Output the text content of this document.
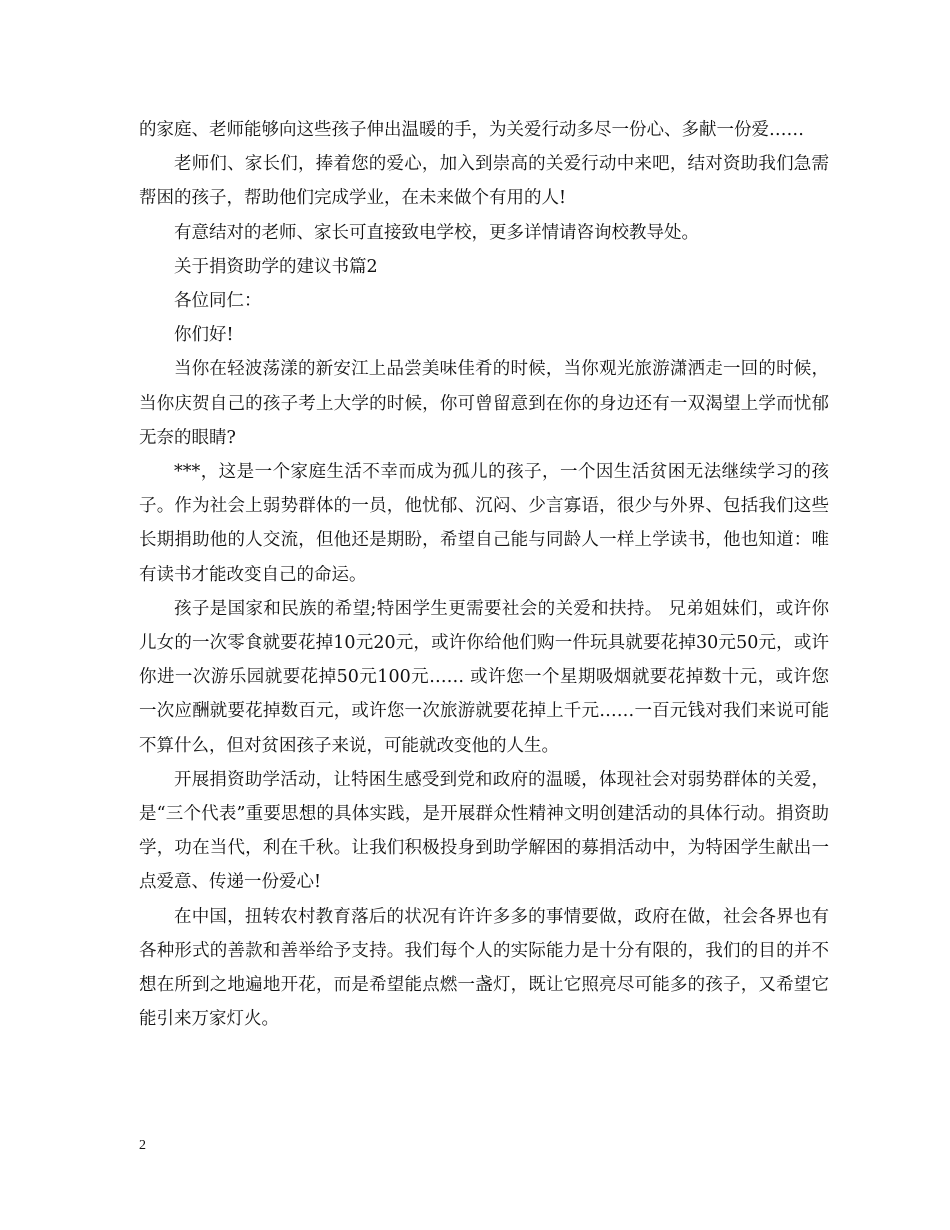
的家庭、老师能够向这些孩子伸出温暖的手，为关爱行动多尽一份心、多献一份爱……

老师们、家长们，捧着您的爱心，加入到崇高的关爱行动中来吧，结对资助我们急需帮困的孩子，帮助他们完成学业，在未来做个有用的人!

有意结对的老师、家长可直接致电学校，更多详情请咨询校教导处。

关于捐资助学的建议书篇2

各位同仁：

你们好!

当你在轻波荡漾的新安江上品尝美味佳肴的时候，当你观光旅游潇洒走一回的时候，当你庆贺自己的孩子考上大学的时候，你可曾留意到在你的身边还有一双渴望上学而忧郁无奈的眼睛?

***，这是一个家庭生活不幸而成为孤儿的孩子，一个因生活贫困无法继续学习的孩子。作为社会上弱势群体的一员，他忧郁、沉闷、少言寡语，很少与外界、包括我们这些长期捐助他的人交流，但他还是期盼，希望自己能与同龄人一样上学读书，他也知道：唯有读书才能改变自己的命运。

孩子是国家和民族的希望;特困学生更需要社会的关爱和扶持。 兄弟姐妹们，或许你儿女的一次零食就要花掉10元20元，或许你给他们购一件玩具就要花掉30元50元，或许你进一次游乐园就要花掉50元100元…… 或许您一个星期吸烟就要花掉数十元，或许您一次应酬就要花掉数百元，或许您一次旅游就要花掉上千元……一百元钱对我们来说可能不算什么，但对贫困孩子来说，可能就改变他的人生。

开展捐资助学活动，让特困生感受到党和政府的温暖，体现社会对弱势群体的关爱，是“三个代表”重要思想的具体实践，是开展群众性精神文明创建活动的具体行动。捐资助学，功在当代，利在千秋。让我们积极投身到助学解困的募捐活动中，为特困学生献出一点爱意、传递一份爱心!

在中国，扭转农村教育落后的状况有许许多多的事情要做，政府在做，社会各界也有各种形式的善款和善举给予支持。我们每个人的实际能力是十分有限的，我们的目的并不想在所到之地遍地开花，而是希望能点燃一盏灯，既让它照亮尽可能多的孩子，又希望它能引来万家灯火。

2
